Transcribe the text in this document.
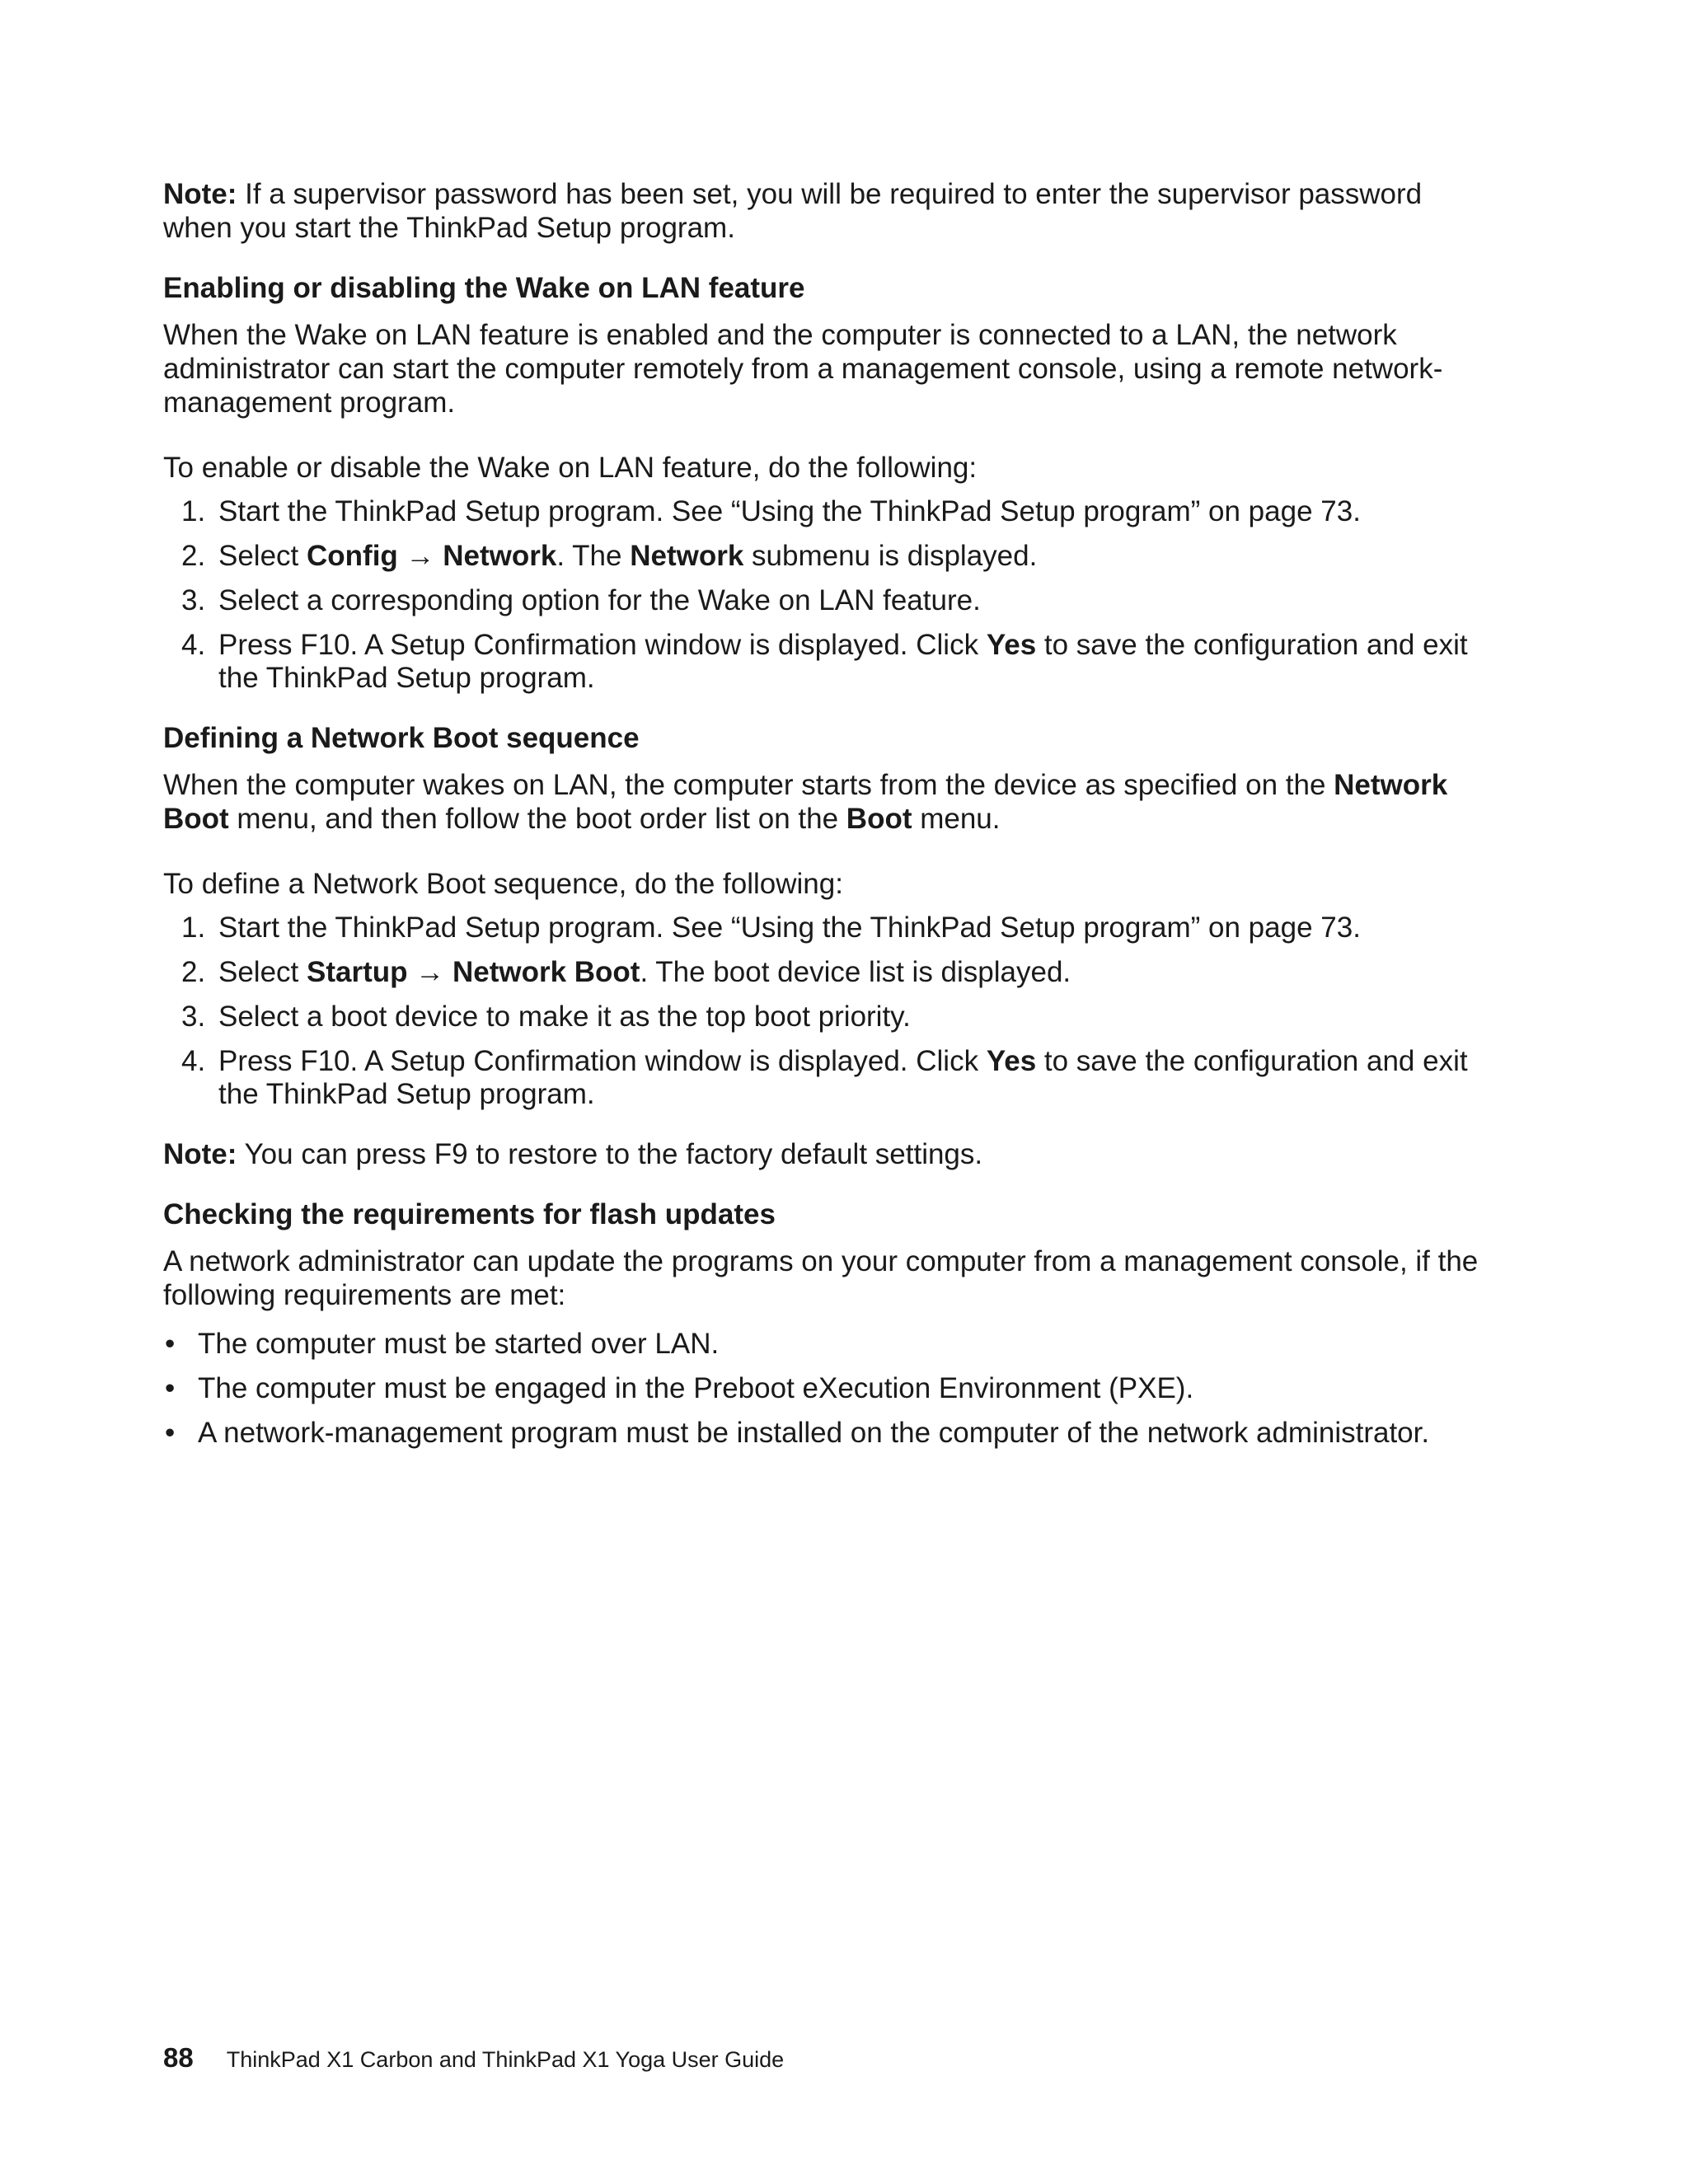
Note: If a supervisor password has been set, you will be required to enter the supervisor password when you start the ThinkPad Setup program.

Enabling or disabling the Wake on LAN feature

When the Wake on LAN feature is enabled and the computer is connected to a LAN, the network administrator can start the computer remotely from a management console, using a remote network-management program.

To enable or disable the Wake on LAN feature, do the following:

1. Start the ThinkPad Setup program. See “Using the ThinkPad Setup program” on page 73.
2. Select Config → Network. The Network submenu is displayed.
3. Select a corresponding option for the Wake on LAN feature.
4. Press F10. A Setup Confirmation window is displayed. Click Yes to save the configuration and exit the ThinkPad Setup program.
Defining a Network Boot sequence

When the computer wakes on LAN, the computer starts from the device as specified on the Network Boot menu, and then follow the boot order list on the Boot menu.

To define a Network Boot sequence, do the following:

1. Start the ThinkPad Setup program. See “Using the ThinkPad Setup program” on page 73.
2. Select Startup → Network Boot. The boot device list is displayed.
3. Select a boot device to make it as the top boot priority.
4. Press F10. A Setup Confirmation window is displayed. Click Yes to save the configuration and exit the ThinkPad Setup program.

Note: You can press F9 to restore to the factory default settings.

Checking the requirements for flash updates

A network administrator can update the programs on your computer from a management console, if the following requirements are met:

• The computer must be started over LAN.
• The computer must be engaged in the Preboot eXecution Environment (PXE).
• A network-management program must be installed on the computer of the network administrator.
88 ThinkPad X1 Carbon and ThinkPad X1 Yoga User Guide
